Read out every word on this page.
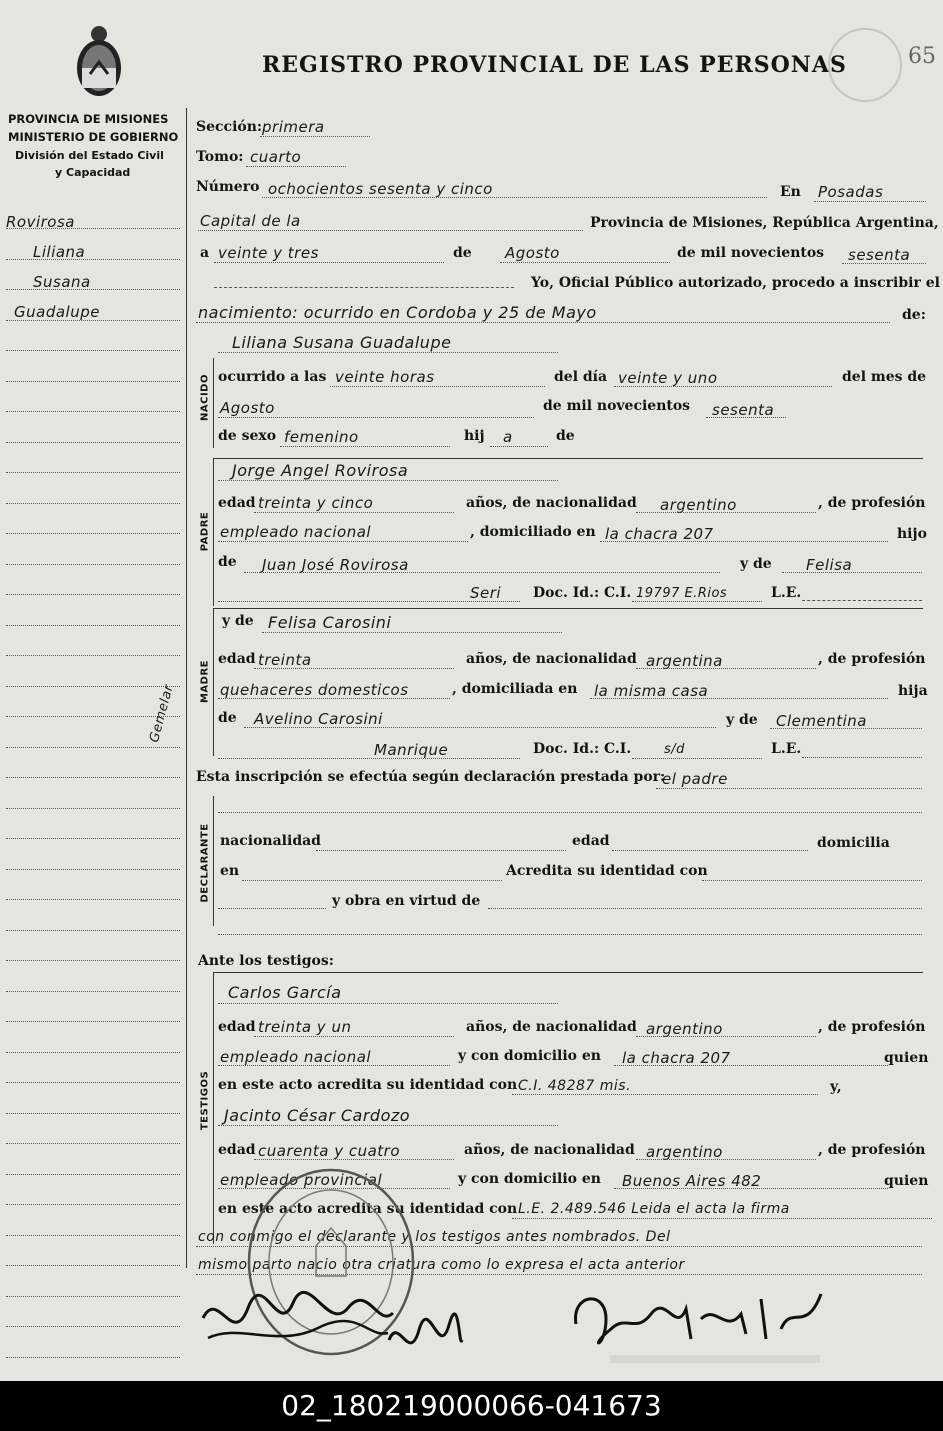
PROVINCIA DE MISIONES
MINISTERIO DE GOBIERNO
División del Estado Civil
y Capacidad
REGISTRO PROVINCIAL DE LAS PERSONAS	65
Rovirosa
Liliana
Susana
Guadalupe
Gemelar
Sección: primera
Tomo: cuarto
Número ochocientos sesenta y cinco	En Posadas
Capital de la	Provincia de Misiones, República Argentina,
a veinte y tres	de Agosto	de mil novecientos sesenta
Yo, Oficial Público autorizado, procedo a inscribir el
nacimiento: ocurrido en Cordoba y 25 de Mayo	de:
NACIDO
Liliana Susana Guadalupe
ocurrido a las veinte horas	del día veinte y uno	del mes de
Agosto	de mil novecientos sesenta
de sexo femenino	hij a	de
PADRE
Jorge Angel Rovirosa
edad treinta y cinco	años, de nacionalidad argentino	, de profesión
empleado nacional	, domiciliado en la chacra 207	hijo
de Juan José Rovirosa	y de Felisa
Seri Doc. Id.: C.I. 19797 E.Rios	L.E.
MADRE
y de Felisa Carosini
edad treinta	años, de nacionalidad argentina	, de profesión
quehaceres domesticos	, domiciliada en la misma casa	hija
de Avelino Carosini	y de Clementina
Manrique	Doc. Id.: C.I.	s/d	L.E.
Esta inscripción se efectúa según declaración prestada por:
el padre
DECLARANTE nacionalidad	edad	domicilia
en	Acredita su identidad con
y obra en virtud de
Ante los testigos:
TESTIGOS
Carlos García
edad treinta y un	años, de nacionalidad argentino	, de profesión
empleado nacional	y con domicilio en la chacra 207	quien
en este acto acredita su identidad con C.I. 48287 mis.	y,
Jacinto César Cardozo
edad cuarenta y cuatro	años, de nacionalidad argentino	, de profesión
empleado provincial	y con domicilio en Buenos Aires 482	quien
en este acto acredita su identidad con L.E. 2.489.546 Leida el acta la firma
con conmigo el declarante y los testigos antes nombrados. Del
mismo parto nacio otra criatura como lo expresa el acta anterior
02_180219000066-041673
